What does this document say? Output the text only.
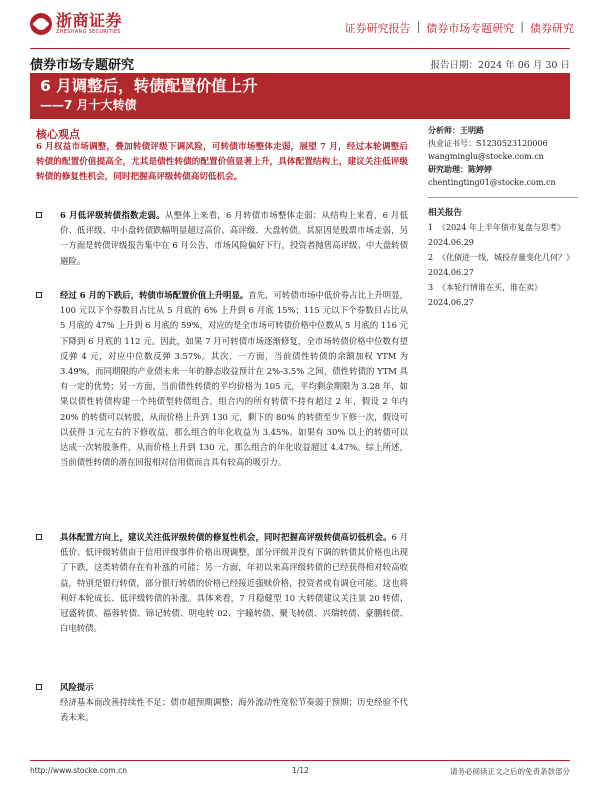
浙商证券
ZHESHANG SECURITIES	证券研究报告 | 债券市场专题研究 | 债券研究
债券市场专题研究	报告日期：2024 年 06 月 30 日
6 月调整后，转债配置价值上升
——7 月十大转债
核心观点
6 月权益市场调整，叠加转债评级下调风险，可转债市场整体走弱，展望 7 月，经过本轮调整后转债的配置价值提高全，尤其是债性转债的配置价值显著上升，具体配置结构上，建议关注低评级转债的修复性机会，同时把握高评级转债高切低机会。
分析师：王明路
执业证书号：S1230523120006
wangminglu@stocke.com.cn
研究助理：陈婷婷
chentingting01@stocke.com.cn
相关报告
1 《2024 年上半年债市复盘与思考》 2024.06.29
2 《化债进一线，城投存量变化几何？》 2024.06.27
3 《本轮行情谁在买，谁在卖》 2024.06.27
6 月低评级转债指数走弱。从整体上来看，6 月转债市场整体走弱；从结构上来看，6 月低价、低评级、中小盘转债跌幅明显超过高价、高评级、大盘转债。其原因是股票市场走弱，另一方面是转债评级报告集中在 6 月公告，市场风险偏好下行，投资者抛售高评级、中大盘转债避险。
经过 6 月的下跌后，转债市场配置价值上升明显。首先，可转债市场中低价券占比上升明显，100 元以下个券数目占比从 5 月底的 6% 上升到 6 月底 15%；115 元以下个券数目占比从 5 月底的 47% 上升到 6 月底的 59%，对应的是全市场可转债价格中位数从 5 月底的 116 元下降到 6 月底的 112 元。因此，如果 7 月可转债市场逐渐修复，全市场转债价格中位数有望反弹 4 元，对应中位数反弹 3.57%。其次，一方面，当前债性转债的余额加权 YTM 为 3.49%，而同期限的产业债未来一年的静态收益预计在 2%-3.5% 之间，债性转债的 YTM 具有一定的优势；另一方面，当前债性转债的平均价格为 105 元，平均剩余期限为 3.28 年，如果以债性转债构建一个纯债型转债组合，组合内的所有转债不持有超过 2 年，假设 2 年内 20% 的转债可以转股，从而价格上升到 130 元，剩下的 80% 的转债至少下修一次，假设可以获得 3 元左右的下修收益，那么组合的年化收益为 3.45%。如果有 30% 以上的转债可以达成一次转股条件，从而价格上升到 130 元，那么组合的年化收益超过 4.47%。综上所述，当前债性转债的潜在回报相对信用债而言具有较高的吸引力。
具体配置方向上，建议关注低评级转债的修复性机会，同时把握高评级转债高切低机会。6 月低价、低评级转债由于信用评级事件价格出现调整，部分评级并没有下调的转债其价格也出现了下跌，这类转债存在有补涨的可能；另一方面，年初以来高评级转债的已经获得相对较高收益，特别是银行转债，部分银行转债的价格已经接近强赎价格，投资者或有调仓可能。这也将利好本轮成长、低评级转债的补涨。具体来看，7 月稳健型 10 大转债建议关注景 20 转债、冠盛转债、福蓉转债、锦记转债、明电转 02、宇瞳转债、聚飞转债、兴瑞转债、豪鹏转债、白电转债。
风险提示
经济基本面改善持续性不足；债市超预期调整；海外流动性宽松节奏弱于预期；历史经验不代表未来。
http://www.stocke.com.cn	1/12	请务必阅读正文之后的免责条款部分
